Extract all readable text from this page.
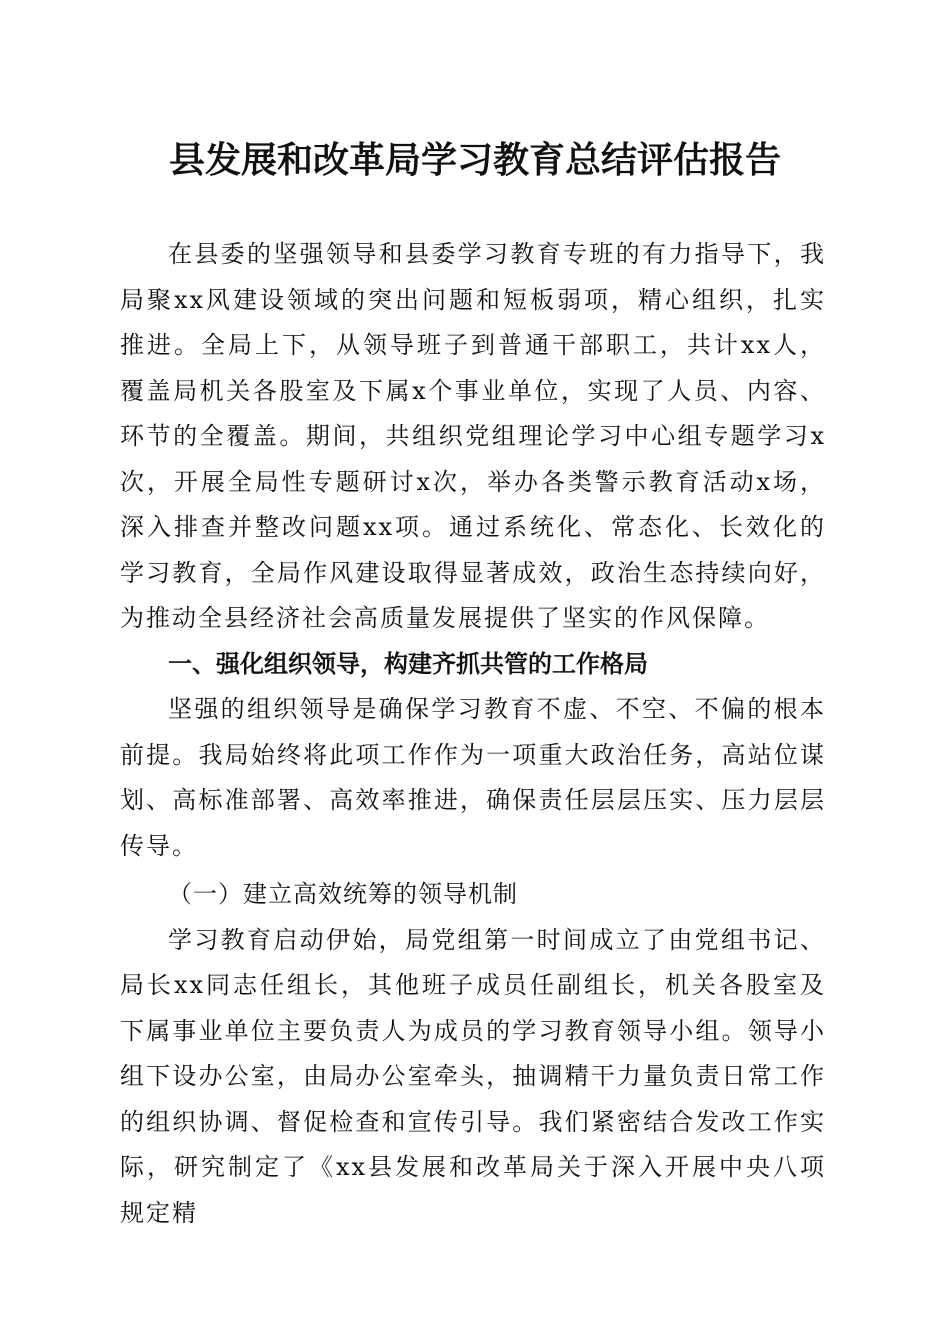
县发展和改革局学习教育总结评估报告

在县委的坚强领导和县委学习教育专班的有力指导下，我局聚xx风建设领域的突出问题和短板弱项，精心组织，扎实推进。全局上下，从领导班子到普通干部职工，共计xx人，覆盖局机关各股室及下属x个事业单位，实现了人员、内容、环节的全覆盖。期间，共组织党组理论学习中心组专题学习x次，开展全局性专题研讨x次，举办各类警示教育活动x场，深入排查并整改问题xx项。通过系统化、常态化、长效化的学习教育，全局作风建设取得显著成效，政治生态持续向好，为推动全县经济社会高质量发展提供了坚实的作风保障。

一、强化组织领导，构建齐抓共管的工作格局

坚强的组织领导是确保学习教育不虚、不空、不偏的根本前提。我局始终将此项工作作为一项重大政治任务，高站位谋划、高标准部署、高效率推进，确保责任层层压实、压力层层传导。

（一）建立高效统筹的领导机制

学习教育启动伊始，局党组第一时间成立了由党组书记、局长xx同志任组长，其他班子成员任副组长，机关各股室及下属事业单位主要负责人为成员的学习教育领导小组。领导小组下设办公室，由局办公室牵头，抽调精干力量负责日常工作的组织协调、督促检查和宣传引导。我们紧密结合发改工作实际，研究制定了《xx县发展和改革局关于深入开展中央八项规定精
